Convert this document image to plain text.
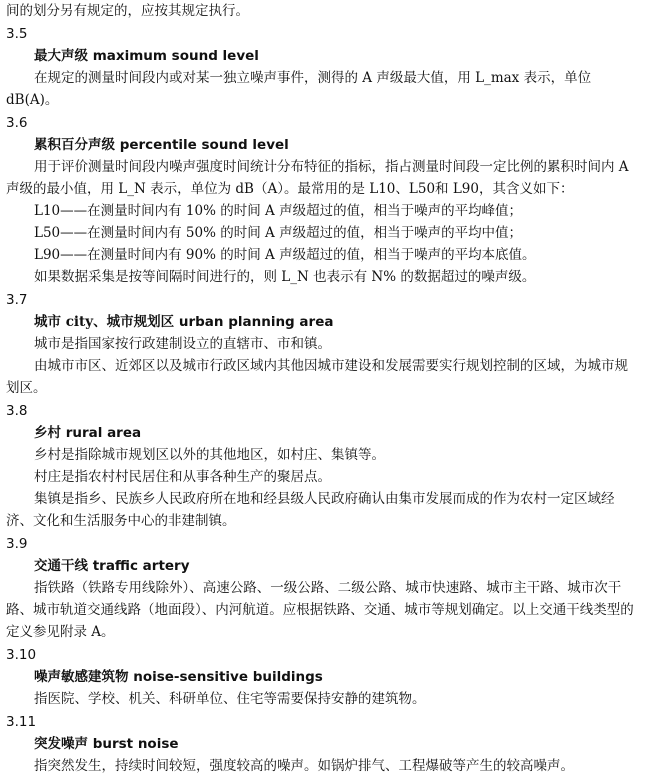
间的划分另有规定的，应按其规定执行。

3.5

最大声级 maximum sound level

在规定的测量时间段内或对某一独立噪声事件，测得的 A 声级最大值，用 L_max 表示，单位 dB(A)。

3.6

累积百分声级 percentile sound level

用于评价测量时间段内噪声强度时间统计分布特征的指标，指占测量时间段一定比例的累积时间内 A 声级的最小值，用 L_N 表示，单位为 dB（A）。最常用的是 L10、L50和 L90，其含义如下：

L10——在测量时间内有 10% 的时间 A 声级超过的值，相当于噪声的平均峰值；

L50——在测量时间内有 50% 的时间 A 声级超过的值，相当于噪声的平均中值；

L90——在测量时间内有 90% 的时间 A 声级超过的值，相当于噪声的平均本底值。

如果数据采集是按等间隔时间进行的，则 L_N 也表示有 N% 的数据超过的噪声级。

3.7

城市 city、城市规划区 urban planning area

城市是指国家按行政建制设立的直辖市、市和镇。

由城市市区、近郊区以及城市行政区域内其他因城市建设和发展需要实行规划控制的区域，为城市规划区。

3.8

乡村 rural area

乡村是指除城市规划区以外的其他地区，如村庄、集镇等。

村庄是指农村村民居住和从事各种生产的聚居点。

集镇是指乡、民族乡人民政府所在地和经县级人民政府确认由集市发展而成的作为农村一定区域经济、文化和生活服务中心的非建制镇。

3.9

交通干线 traffic artery

指铁路（铁路专用线除外）、高速公路、一级公路、二级公路、城市快速路、城市主干路、城市次干路、城市轨道交通线路（地面段）、内河航道。应根据铁路、交通、城市等规划确定。以上交通干线类型的定义参见附录 A。

3.10

噪声敏感建筑物 noise-sensitive buildings

指医院、学校、机关、科研单位、住宅等需要保持安静的建筑物。

3.11

突发噪声 burst noise

指突然发生，持续时间较短，强度较高的噪声。如锅炉排气、工程爆破等产生的较高噪声。
